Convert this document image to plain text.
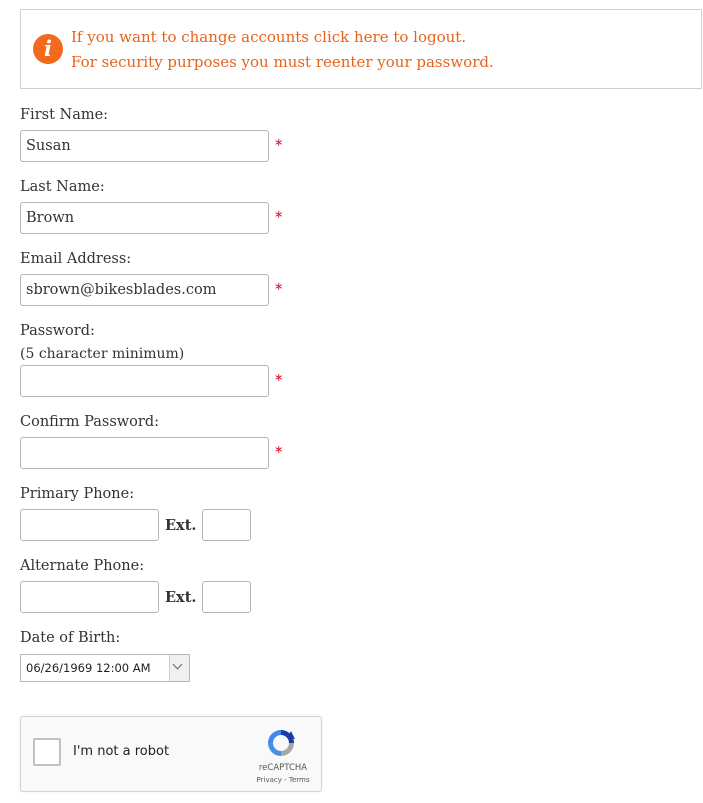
i	If you want to change accounts click here to logout.
For security purposes you must reenter your password.
First Name:
Susan
*
Last Name:
Brown
*
Email Address:
sbrown@bikesblades.com
*
Password:
(5 character minimum)
*
Confirm Password:
*
Primary Phone:
Ext.
Alternate Phone:
Ext.
Date of Birth:
06/26/1969 12:00 AM
I'm not a robot
reCAPTCHA
Privacy - Terms
